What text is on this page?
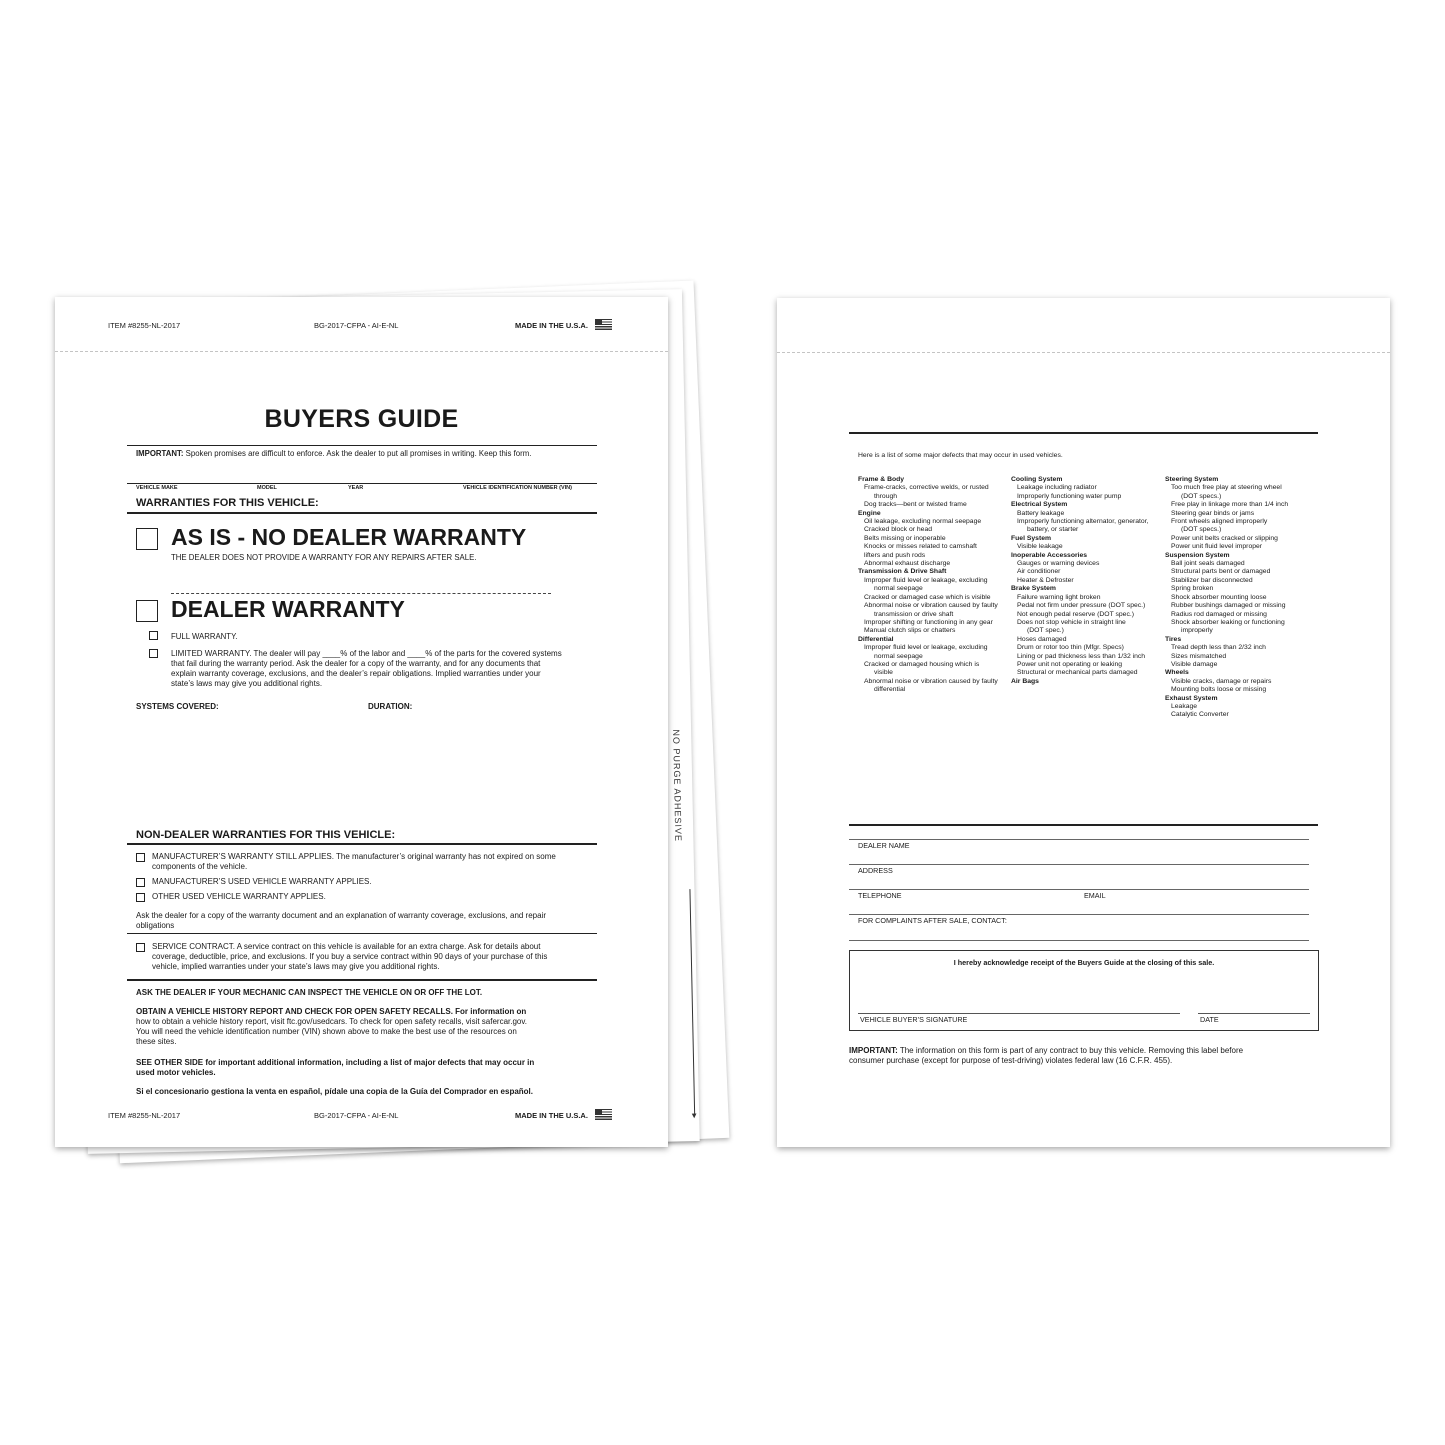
NO PURGE ADHESIVE
▼
ITEM #8255-NL-2017	BG-2017-CFPA - AI-E-NL	MADE IN THE U.S.A.
BUYERS GUIDE
IMPORTANT: Spoken promises are difficult to enforce. Ask the dealer to put all promises in writing. Keep this form.
VEHICLE MAKE	MODEL	YEAR	VEHICLE IDENTIFICATION NUMBER (VIN)
WARRANTIES FOR THIS VEHICLE:
AS IS - NO DEALER WARRANTY
THE DEALER DOES NOT PROVIDE A WARRANTY FOR ANY REPAIRS AFTER SALE.
DEALER WARRANTY
FULL WARRANTY.
LIMITED WARRANTY. The dealer will pay ____% of the labor and ____% of the parts for the covered systems
that fail during the warranty period. Ask the dealer for a copy of the warranty, and for any documents that
explain warranty coverage, exclusions, and the dealer’s repair obligations. Implied warranties under your
state’s laws may give you additional rights.
SYSTEMS COVERED:	DURATION:
NON-DEALER WARRANTIES FOR THIS VEHICLE:
MANUFACTURER’S WARRANTY STILL APPLIES. The manufacturer’s original warranty has not expired on some
components of the vehicle.
MANUFACTURER’S USED VEHICLE WARRANTY APPLIES.
OTHER USED VEHICLE WARRANTY APPLIES.
Ask the dealer for a copy of the warranty document and an explanation of warranty coverage, exclusions, and repair
obligations
SERVICE CONTRACT. A service contract on this vehicle is available for an extra charge. Ask for details about
coverage, deductible, price, and exclusions. If you buy a service contract within 90 days of your purchase of this
vehicle, implied warranties under your state’s laws may give you additional rights.
ASK THE DEALER IF YOUR MECHANIC CAN INSPECT THE VEHICLE ON OR OFF THE LOT.
OBTAIN A VEHICLE HISTORY REPORT AND CHECK FOR OPEN SAFETY RECALLS. For information on
how to obtain a vehicle history report, visit ftc.gov/usedcars. To check for open safety recalls, visit safercar.gov.
You will need the vehicle identification number (VIN) shown above to make the best use of the resources on
these sites.
SEE OTHER SIDE for important additional information, including a list of major defects that may occur in
used motor vehicles.
Si el concesionario gestiona la venta en español, pídale una copia de la Guía del Comprador en español.
ITEM #8255-NL-2017	BG-2017-CFPA - AI-E-NL	MADE IN THE U.S.A.
Here is a list of some major defects that may occur in used vehicles.
Frame & Body
Frame-cracks, corrective welds, or rusted
through
Dog tracks—bent or twisted frame
Engine
Oil leakage, excluding normal seepage
Cracked block or head
Belts missing or inoperable
Knocks or misses related to camshaft
lifters and push rods
Abnormal exhaust discharge
Transmission & Drive Shaft
Improper fluid level or leakage, excluding
normal seepage
Cracked or damaged case which is visible
Abnormal noise or vibration caused by faulty
transmission or drive shaft
Improper shifting or functioning in any gear
Manual clutch slips or chatters
Differential
Improper fluid level or leakage, excluding
normal seepage
Cracked or damaged housing which is
visible
Abnormal noise or vibration caused by faulty
differential
Cooling System
Leakage including radiator
Improperly functioning water pump
Electrical System
Battery leakage
Improperly functioning alternator, generator,
battery, or starter
Fuel System
Visible leakage
Inoperable Accessories
Gauges or warning devices
Air conditioner
Heater & Defroster
Brake System
Failure warning light broken
Pedal not firm under pressure (DOT spec.)
Not enough pedal reserve (DOT spec.)
Does not stop vehicle in straight line
(DOT spec.)
Hoses damaged
Drum or rotor too thin (Mfgr. Specs)
Lining or pad thickness less than 1/32 inch
Power unit not operating or leaking
Structural or mechanical parts damaged
Air Bags
Steering System
Too much free play at steering wheel
(DOT specs.)
Free play in linkage more than 1/4 inch
Steering gear binds or jams
Front wheels aligned improperly
(DOT specs.)
Power unit belts cracked or slipping
Power unit fluid level improper
Suspension System
Ball joint seals damaged
Structural parts bent or damaged
Stabilizer bar disconnected
Spring broken
Shock absorber mounting loose
Rubber bushings damaged or missing
Radius rod damaged or missing
Shock absorber leaking or functioning
improperly
Tires
Tread depth less than 2/32 inch
Sizes mismatched
Visible damage
Wheels
Visible cracks, damage or repairs
Mounting bolts loose or missing
Exhaust System
Leakage
Catalytic Converter
DEALER NAME
ADDRESS
TELEPHONE	EMAIL
FOR COMPLAINTS AFTER SALE, CONTACT:
I hereby acknowledge receipt of the Buyers Guide at the closing of this sale.
VEHICLE BUYER’S SIGNATURE	DATE
IMPORTANT: The information on this form is part of any contract to buy this vehicle. Removing this label before
consumer purchase (except for purpose of test-driving) violates federal law (16 C.F.R. 455).
